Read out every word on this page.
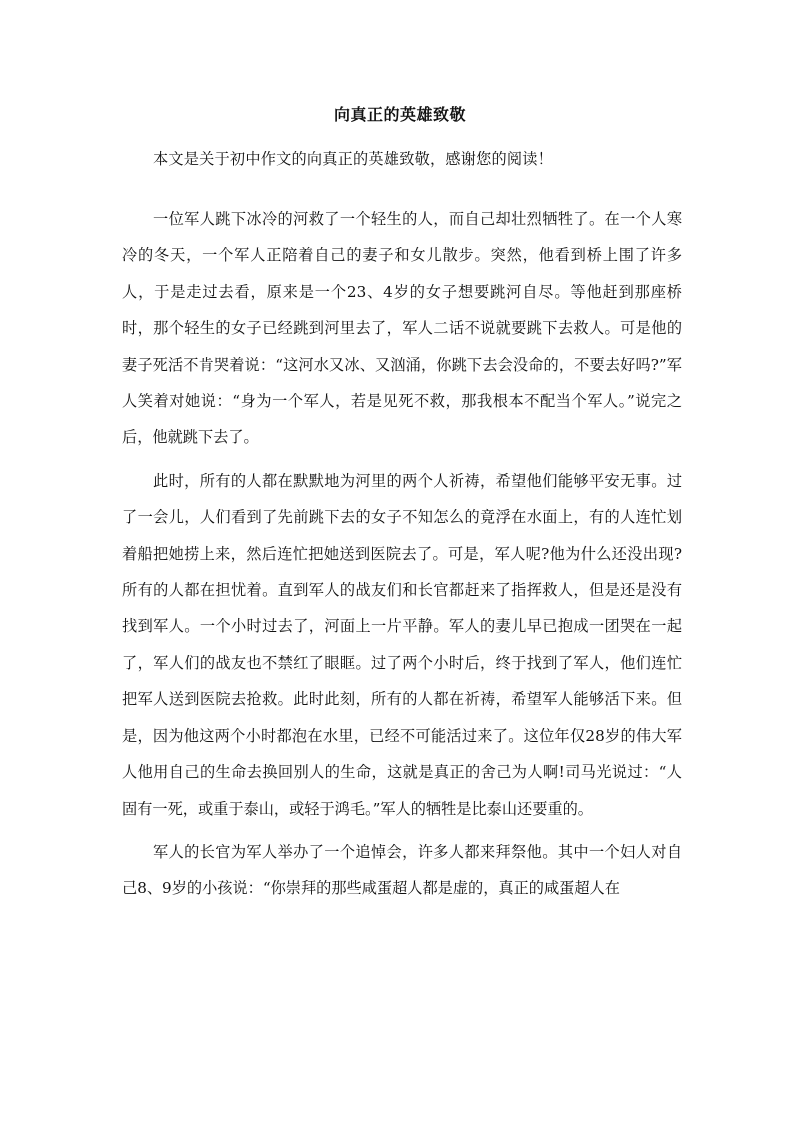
向真正的英雄致敬
本文是关于初中作文的向真正的英雄致敬，感谢您的阅读！

一位军人跳下冰冷的河救了一个轻生的人，而自己却壮烈牺牲了。在一个人寒冷的冬天，一个军人正陪着自己的妻子和女儿散步。突然，他看到桥上围了许多人，于是走过去看，原来是一个23、4岁的女子想要跳河自尽。等他赶到那座桥时，那个轻生的女子已经跳到河里去了，军人二话不说就要跳下去救人。可是他的妻子死活不肯哭着说：“这河水又冰、又汹涌，你跳下去会没命的，不要去好吗?”军人笑着对她说：“身为一个军人，若是见死不救，那我根本不配当个军人。”说完之后，他就跳下去了。

此时，所有的人都在默默地为河里的两个人祈祷，希望他们能够平安无事。过了一会儿，人们看到了先前跳下去的女子不知怎么的竟浮在水面上，有的人连忙划着船把她捞上来，然后连忙把她送到医院去了。可是，军人呢?他为什么还没出现?所有的人都在担忧着。直到军人的战友们和长官都赶来了指挥救人，但是还是没有找到军人。一个小时过去了，河面上一片平静。军人的妻儿早已抱成一团哭在一起了，军人们的战友也不禁红了眼眶。过了两个小时后，终于找到了军人，他们连忙把军人送到医院去抢救。此时此刻，所有的人都在祈祷，希望军人能够活下来。但是，因为他这两个小时都泡在水里，已经不可能活过来了。这位年仅28岁的伟大军人他用自己的生命去换回别人的生命，这就是真正的舍己为人啊!司马光说过：“人固有一死，或重于泰山，或轻于鸿毛。”军人的牺牲是比泰山还要重的。

军人的长官为军人举办了一个追悼会，许多人都来拜祭他。其中一个妇人对自己8、9岁的小孩说：“你崇拜的那些咸蛋超人都是虚的，真正的咸蛋超人在
